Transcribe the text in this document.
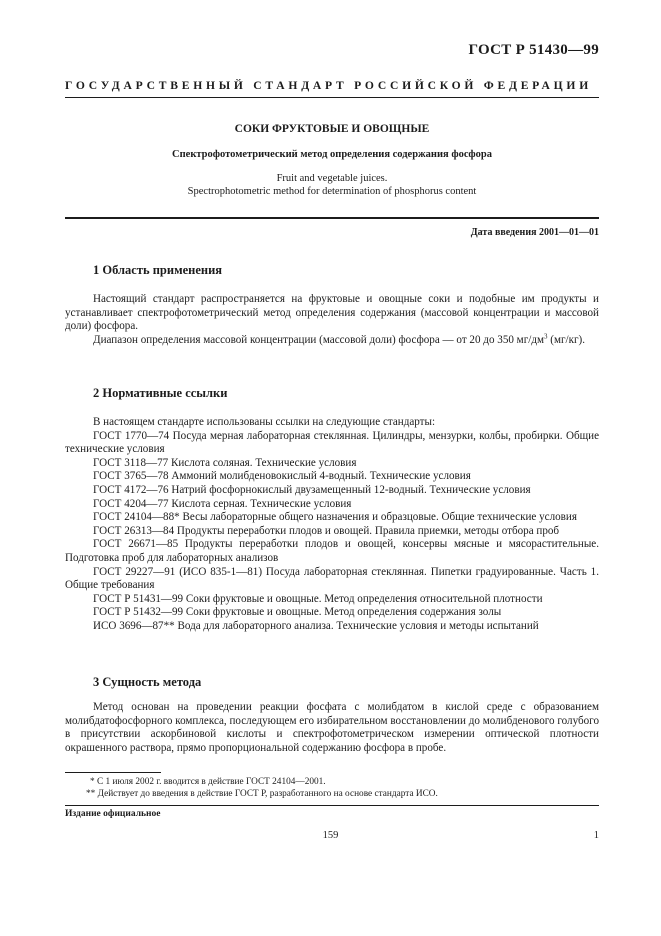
ГОСТ Р 51430—99
ГОСУДАРСТВЕННЫЙ СТАНДАРТ РОССИЙСКОЙ ФЕДЕРАЦИИ
СОКИ ФРУКТОВЫЕ И ОВОЩНЫЕ
Спектрофотометрический метод определения содержания фосфора
Fruit and vegetable juices.
Spectrophotometric method for determination of phosphorus content
Дата введения 2001—01—01
1 Область применения

Настоящий стандарт распространяется на фруктовые и овощные соки и подобные им продукты и устанавливает спектрофотометрический метод определения содержания (массовой концентрации и массовой доли) фосфора.

Диапазон определения массовой концентрации (массовой доли) фосфора — от 20 до 350 $мг/дм^3$ (мг/кг).

2 Нормативные ссылки

В настоящем стандарте использованы ссылки на следующие стандарты:

ГОСТ 1770—74 Посуда мерная лабораторная стеклянная. Цилиндры, мензурки, колбы, пробирки. Общие технические условия

ГОСТ 3118—77 Кислота соляная. Технические условия

ГОСТ 3765—78 Аммоний молибденовокислый 4-водный. Технические условия

ГОСТ 4172—76 Натрий фосфорнокислый двузамещенный 12-водный. Технические условия

ГОСТ 4204—77 Кислота серная. Технические условия

ГОСТ 24104—88* Весы лабораторные общего назначения и образцовые. Общие технические условия

ГОСТ 26313—84 Продукты переработки плодов и овощей. Правила приемки, методы отбора проб

ГОСТ 26671—85 Продукты переработки плодов и овощей, консервы мясные и мясорастительные. Подготовка проб для лабораторных анализов

ГОСТ 29227—91 (ИСО 835-1—81) Посуда лабораторная стеклянная. Пипетки градуированные. Часть 1. Общие требования

ГОСТ Р 51431—99 Соки фруктовые и овощные. Метод определения относительной плотности

ГОСТ Р 51432—99 Соки фруктовые и овощные. Метод определения содержания золы

ИСО 3696—87** Вода для лабораторного анализа. Технические условия и методы испытаний

3 Сущность метода

Метод основан на проведении реакции фосфата с молибдатом в кислой среде с образованием молибдатофосфорного комплекса, последующем его избирательном восстановлении до молибденового голубого в присутствии аскорбиновой кислоты и спектрофотометрическом измерении оптической плотности окрашенного раствора, прямо пропорциональной содержанию фосфора в пробе.

* С 1 июля 2002 г. вводится в действие ГОСТ 24104—2001.

** Действует до введения в действие ГОСТ Р, разработанного на основе стандарта ИСО.

Издание официальное
159	1
